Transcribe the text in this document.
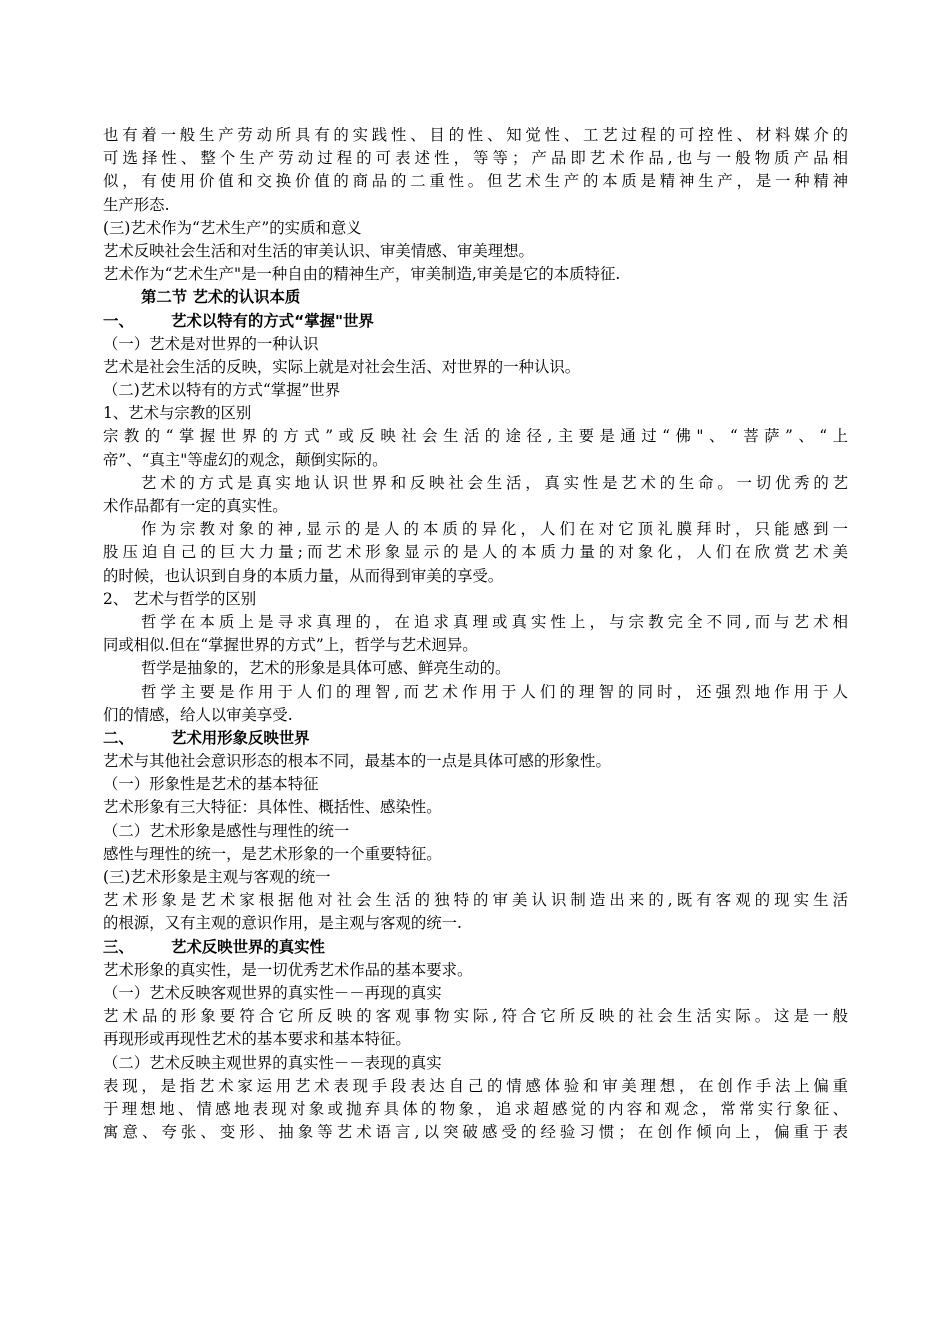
也有着一般生产劳动所具有的实践性、目的性、知觉性、工艺过程的可控性、材料媒介的
可选择性、整个生产劳动过程的可表述性，等等；产品即艺术作品,也与一般物质产品相
似，有使用价值和交换价值的商品的二重性。但艺术生产的本质是精神生产，是一种精神
生产形态.
(三)艺术作为“艺术生产”的实质和意义
艺术反映社会生活和对生活的审美认识、审美情感、审美理想。
艺术作为“艺术生产"是一种自由的精神生产，审美制造,审美是它的本质特征.
第二节 艺术的认识本质
一、 艺术以特有的方式“掌握"世界
（一）艺术是对世界的一种认识
艺术是社会生活的反映，实际上就是对社会生活、对世界的一种认识。
（二)艺术以特有的方式“掌握”世界
1、艺术与宗教的区别
宗教的“掌握世界的方式”或反映社会生活的途径,主要是通过“佛"、“菩萨”、“上
帝”、“真主"等虚幻的观念，颠倒实际的。
艺术的方式是真实地认识世界和反映社会生活，真实性是艺术的生命。一切优秀的艺
术作品都有一定的真实性。
作为宗教对象的神,显示的是人的本质的异化，人们在对它顶礼膜拜时，只能感到一
股压迫自己的巨大力量;而艺术形象显示的是人的本质力量的对象化，人们在欣赏艺术美
的时候，也认识到自身的本质力量，从而得到审美的享受。
2、 艺术与哲学的区别
哲学在本质上是寻求真理的，在追求真理或真实性上，与宗教完全不同,而与艺术相
同或相似.但在“掌握世界的方式”上，哲学与艺术迥异。
哲学是抽象的，艺术的形象是具体可感、鲜亮生动的。
哲学主要是作用于人们的理智,而艺术作用于人们的理智的同时，还强烈地作用于人
们的情感，给人以审美享受.
二、 艺术用形象反映世界
艺术与其他社会意识形态的根本不同，最基本的一点是具体可感的形象性。
（一）形象性是艺术的基本特征
艺术形象有三大特征：具体性、概括性、感染性。
（二）艺术形象是感性与理性的统一
感性与理性的统一，是艺术形象的一个重要特征。
(三)艺术形象是主观与客观的统一
艺术形象是艺术家根据他对社会生活的独特的审美认识制造出来的,既有客观的现实生活
的根源，又有主观的意识作用，是主观与客观的统一.
三、 艺术反映世界的真实性
艺术形象的真实性，是一切优秀艺术作品的基本要求。
（一）艺术反映客观世界的真实性－－再现的真实
艺术品的形象要符合它所反映的客观事物实际,符合它所反映的社会生活实际。这是一般
再现形或再现性艺术的基本要求和基本特征。
（二）艺术反映主观世界的真实性－－表现的真实
表现，是指艺术家运用艺术表现手段表达自己的情感体验和审美理想，在创作手法上偏重
于理想地、情感地表现对象或抛弃具体的物象，追求超感觉的内容和观念，常常实行象征、
寓意、夸张、变形、抽象等艺术语言,以突破感受的经验习惯；在创作倾向上，偏重于表
